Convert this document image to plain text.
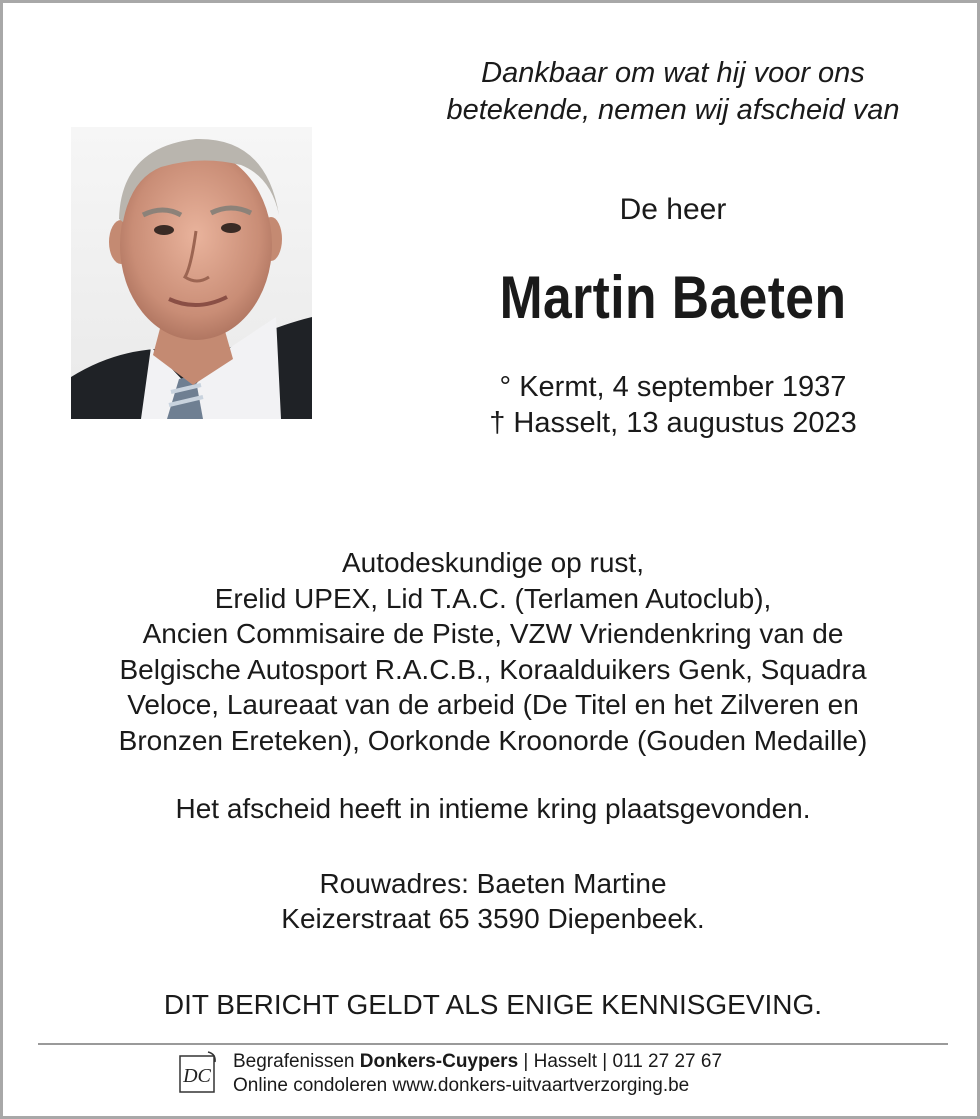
Dankbaar om wat hij voor ons
betekende, nemen wij afscheid van
De heer
Martin Baeten
° Kermt, 4 september 1937
† Hasselt, 13 augustus 2023
Autodeskundige op rust,
Erelid UPEX, Lid T.A.C. (Terlamen Autoclub),
Ancien Commisaire de Piste, VZW Vriendenkring van de
Belgische Autosport R.A.C.B., Koraalduikers Genk, Squadra
Veloce, Laureaat van de arbeid (De Titel en het Zilveren en
Bronzen Ereteken), Oorkonde Kroonorde (Gouden Medaille)
Het afscheid heeft in intieme kring plaatsgevonden.
Rouwadres: Baeten Martine
Keizerstraat 65 3590 Diepenbeek.
DIT BERICHT GELDT ALS ENIGE KENNISGEVING.
DC
Begrafenissen Donkers-Cuypers | Hasselt | 011 27 27 67
Online condoleren www.donkers-uitvaartverzorging.be
